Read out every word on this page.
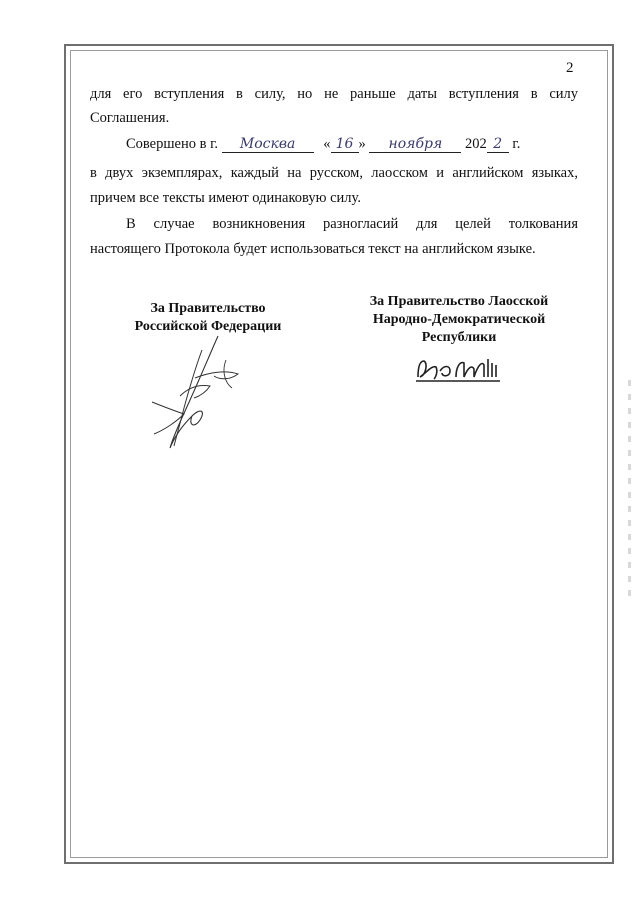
2
для его вступления в силу, но не раньше даты вступления в силу
Соглашения.
Совершено в г. Москва « 16 » ноября 202 2 г.
в двух экземплярах, каждый на русском, лаосском и английском языках,
причем все тексты имеют одинаковую силу.
В случае возникновения разногласий для целей толкования
настоящего Протокола будет использоваться текст на английском языке.
За Правительство
Российской Федерации
За Правительство Лаосской
Народно-Демократической
Республики
